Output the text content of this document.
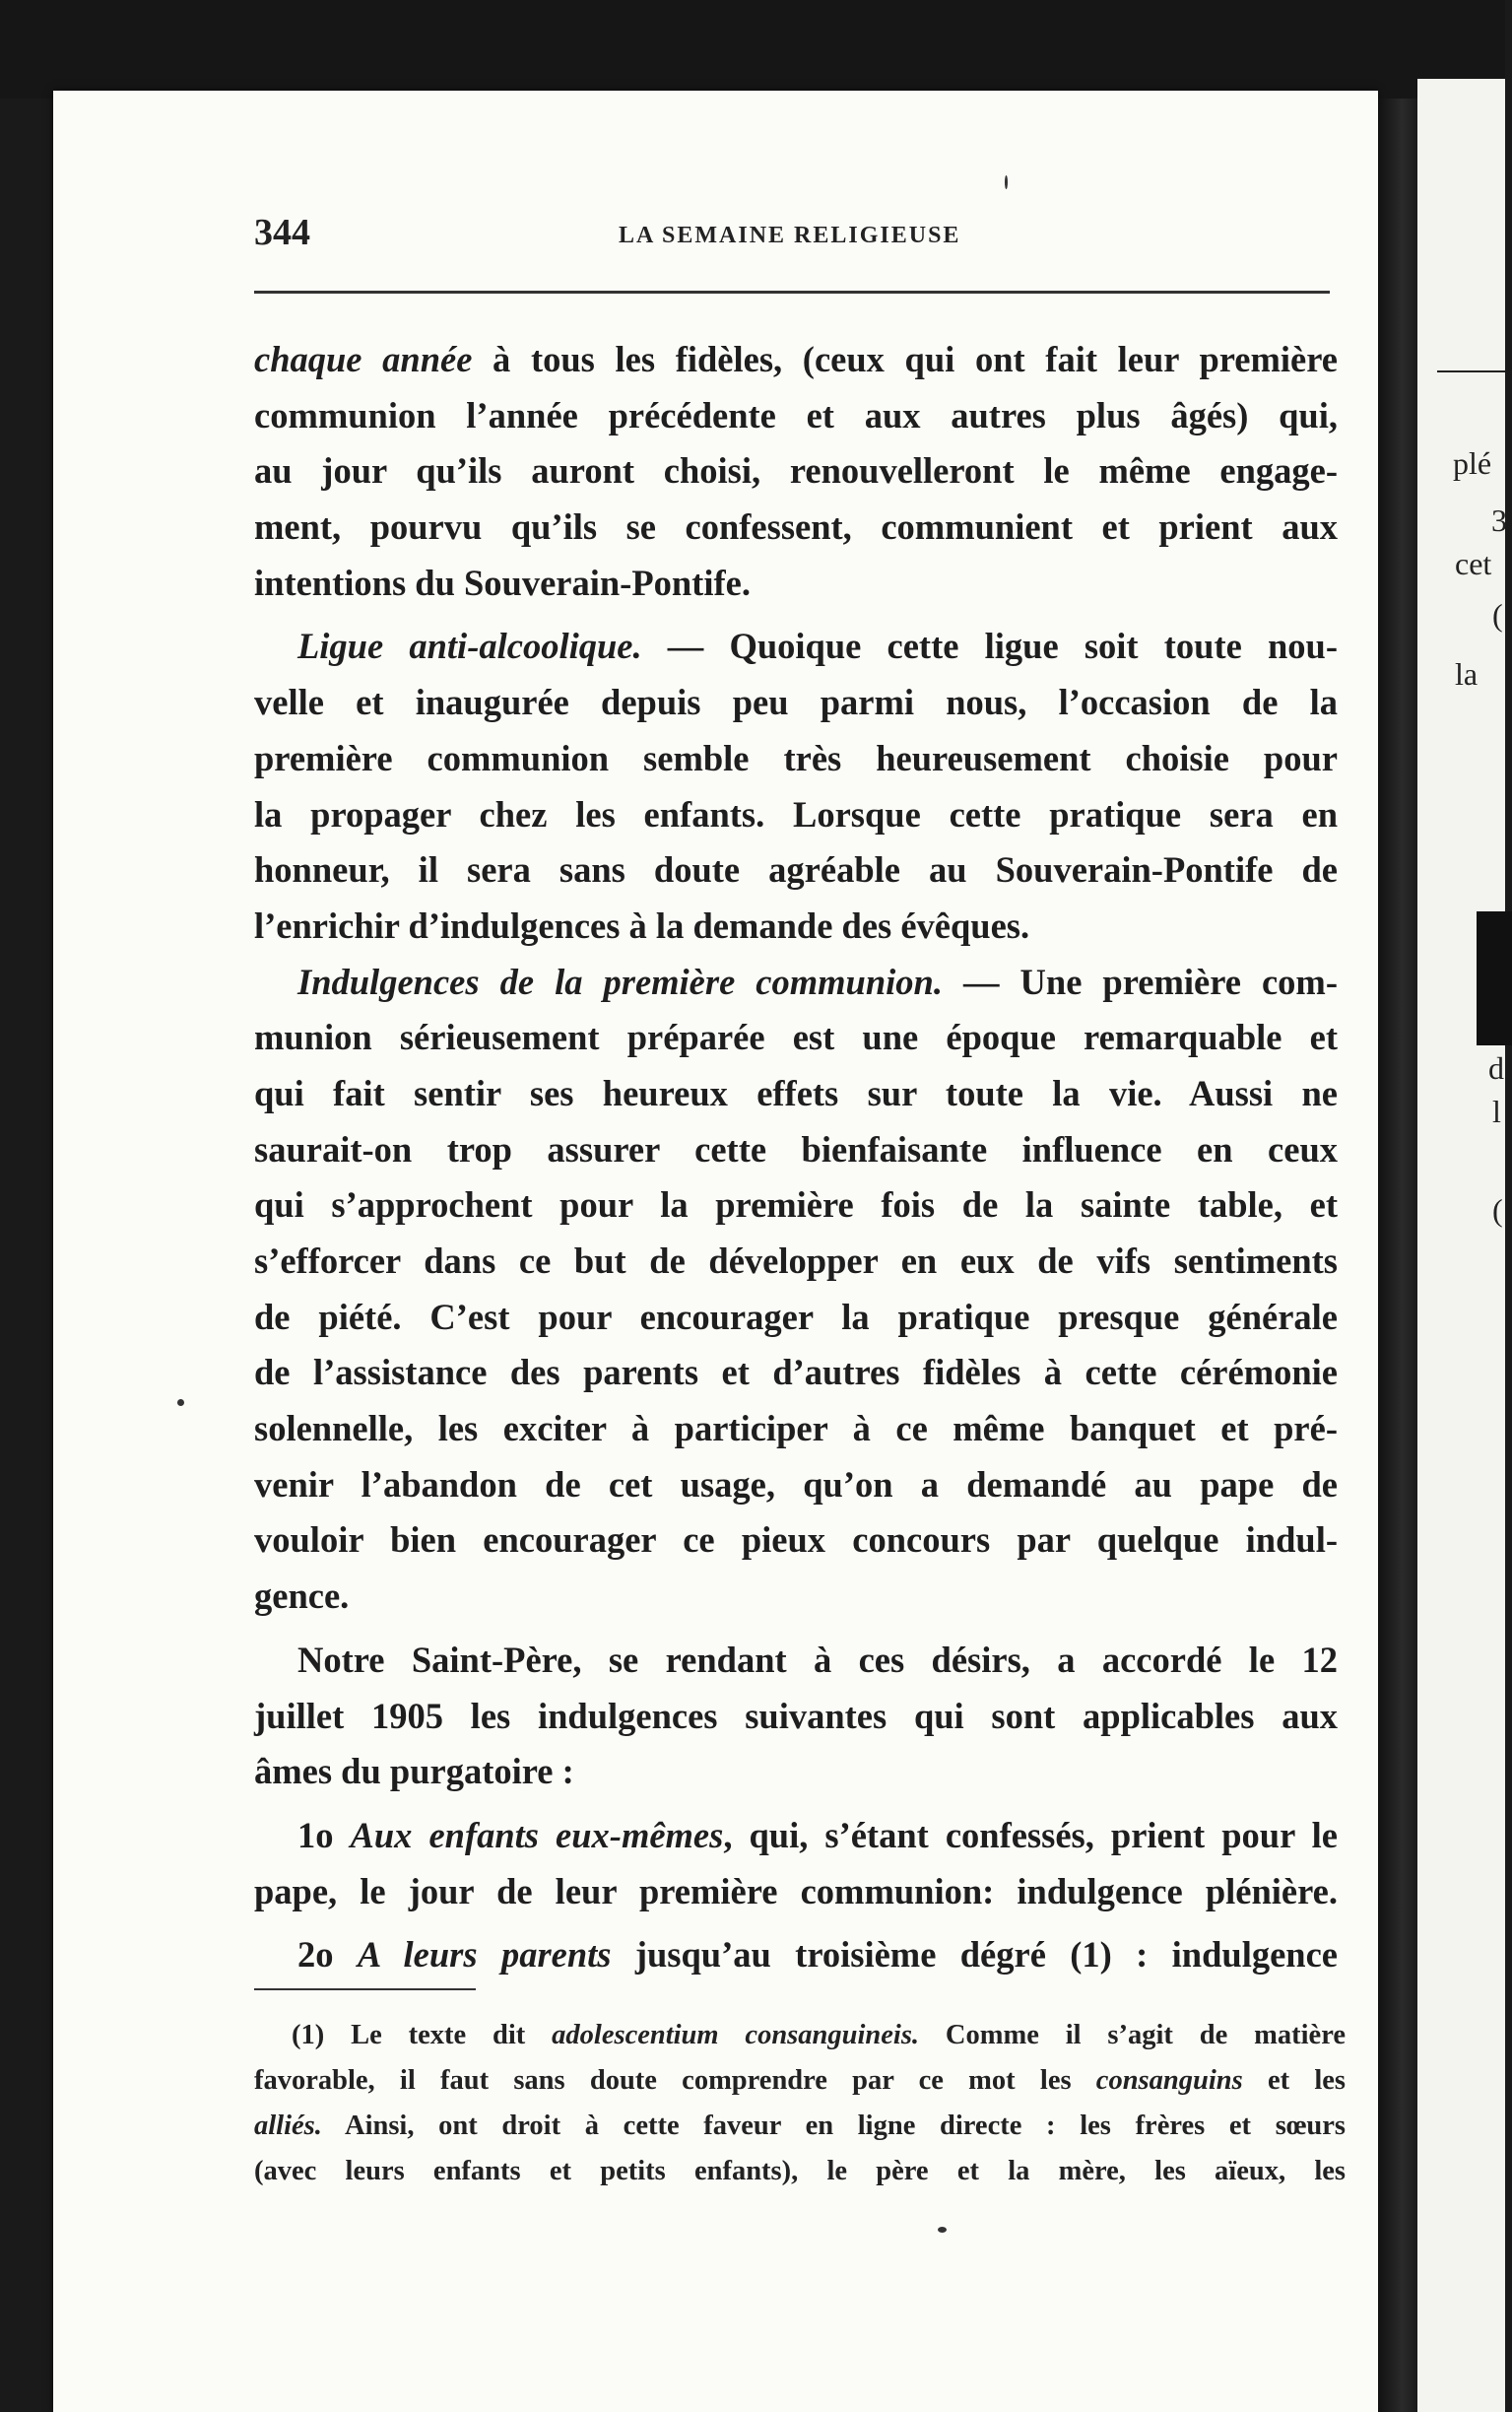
plé
3
cet
(
la
d
l
(
344	LA SEMAINE RELIGIEUSE
chaque année à tous les fidèles, (ceux qui ont fait leur première
communion l’année précédente et aux autres plus âgés) qui,
au jour qu’ils auront choisi, renouvelleront le même engage-
ment, pourvu qu’ils se confessent, communient et prient aux
intentions du Souverain-Pontife.
Ligue anti-alcoolique. — Quoique cette ligue soit toute nou-
velle et inaugurée depuis peu parmi nous, l’occasion de la
première communion semble très heureusement choisie pour
la propager chez les enfants. Lorsque cette pratique sera en
honneur, il sera sans doute agréable au Souverain-Pontife de
l’enrichir d’indulgences à la demande des évêques.
Indulgences de la première communion. — Une première com-
munion sérieusement préparée est une époque remarquable et
qui fait sentir ses heureux effets sur toute la vie. Aussi ne
saurait-on trop assurer cette bienfaisante influence en ceux
qui s’approchent pour la première fois de la sainte table, et
s’efforcer dans ce but de développer en eux de vifs sentiments
de piété. C’est pour encourager la pratique presque générale
de l’assistance des parents et d’autres fidèles à cette cérémonie
solennelle, les exciter à participer à ce même banquet et pré-
venir l’abandon de cet usage, qu’on a demandé au pape de
vouloir bien encourager ce pieux concours par quelque indul-
gence.
Notre Saint-Père, se rendant à ces désirs, a accordé le 12
juillet 1905 les indulgences suivantes qui sont applicables aux
âmes du purgatoire :
1o Aux enfants eux-mêmes, qui, s’étant confessés, prient pour le
pape, le jour de leur première communion: indulgence plénière.
2o A leurs parents jusqu’au troisième dégré (1) : indulgence
(1) Le texte dit adolescentium consanguineis. Comme il s’agit de matière
favorable, il faut sans doute comprendre par ce mot les consanguins et les
alliés. Ainsi, ont droit à cette faveur en ligne directe : les frères et sœurs
(avec leurs enfants et petits enfants), le père et la mère, les aïeux, les
